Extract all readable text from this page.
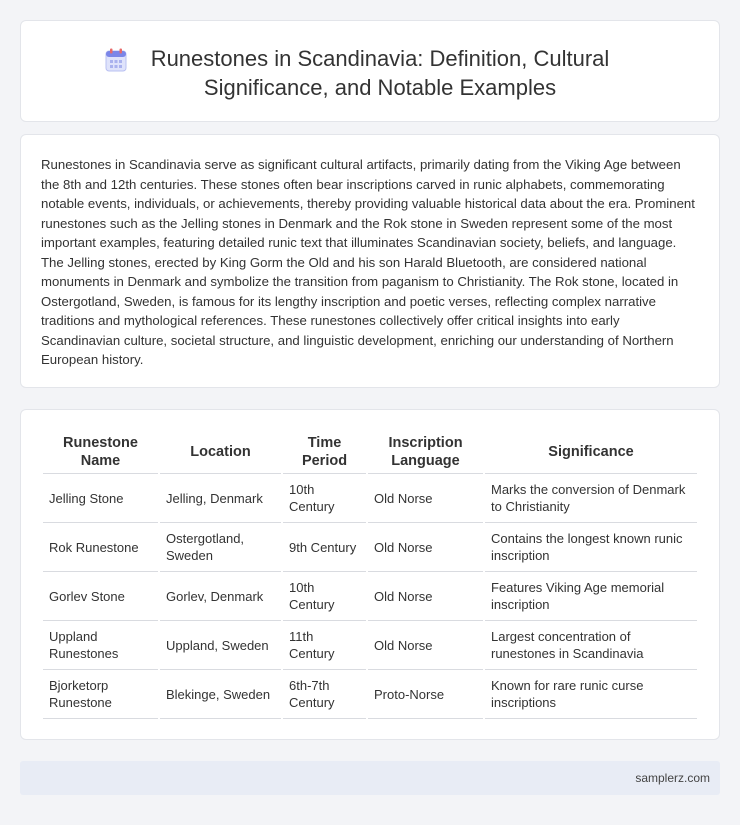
Runestones in Scandinavia: Definition, Cultural Significance, and Notable Examples

Runestones in Scandinavia serve as significant cultural artifacts, primarily dating from the Viking Age between the 8th and 12th centuries. These stones often bear inscriptions carved in runic alphabets, commemorating notable events, individuals, or achievements, thereby providing valuable historical data about the era. Prominent runestones such as the Jelling stones in Denmark and the Rok stone in Sweden represent some of the most important examples, featuring detailed runic text that illuminates Scandinavian society, beliefs, and language. The Jelling stones, erected by King Gorm the Old and his son Harald Bluetooth, are considered national monuments in Denmark and symbolize the transition from paganism to Christianity. The Rok stone, located in Ostergotland, Sweden, is famous for its lengthy inscription and poetic verses, reflecting complex narrative traditions and mythological references. These runestones collectively offer critical insights into early Scandinavian culture, societal structure, and linguistic development, enriching our understanding of Northern European history.

Runestone Name	Location	Time Period	Inscription Language	Significance
Jelling Stone	Jelling, Denmark	10th Century	Old Norse	Marks the conversion of Denmark to Christianity
Rok Runestone	Ostergotland, Sweden	9th Century	Old Norse	Contains the longest known runic inscription
Gorlev Stone	Gorlev, Denmark	10th Century	Old Norse	Features Viking Age memorial inscription
Uppland Runestones	Uppland, Sweden	11th Century	Old Norse	Largest concentration of runestones in Scandinavia
Bjorketorp Runestone	Blekinge, Sweden	6th-7th Century	Proto-Norse	Known for rare runic curse inscriptions
samplerz.com
